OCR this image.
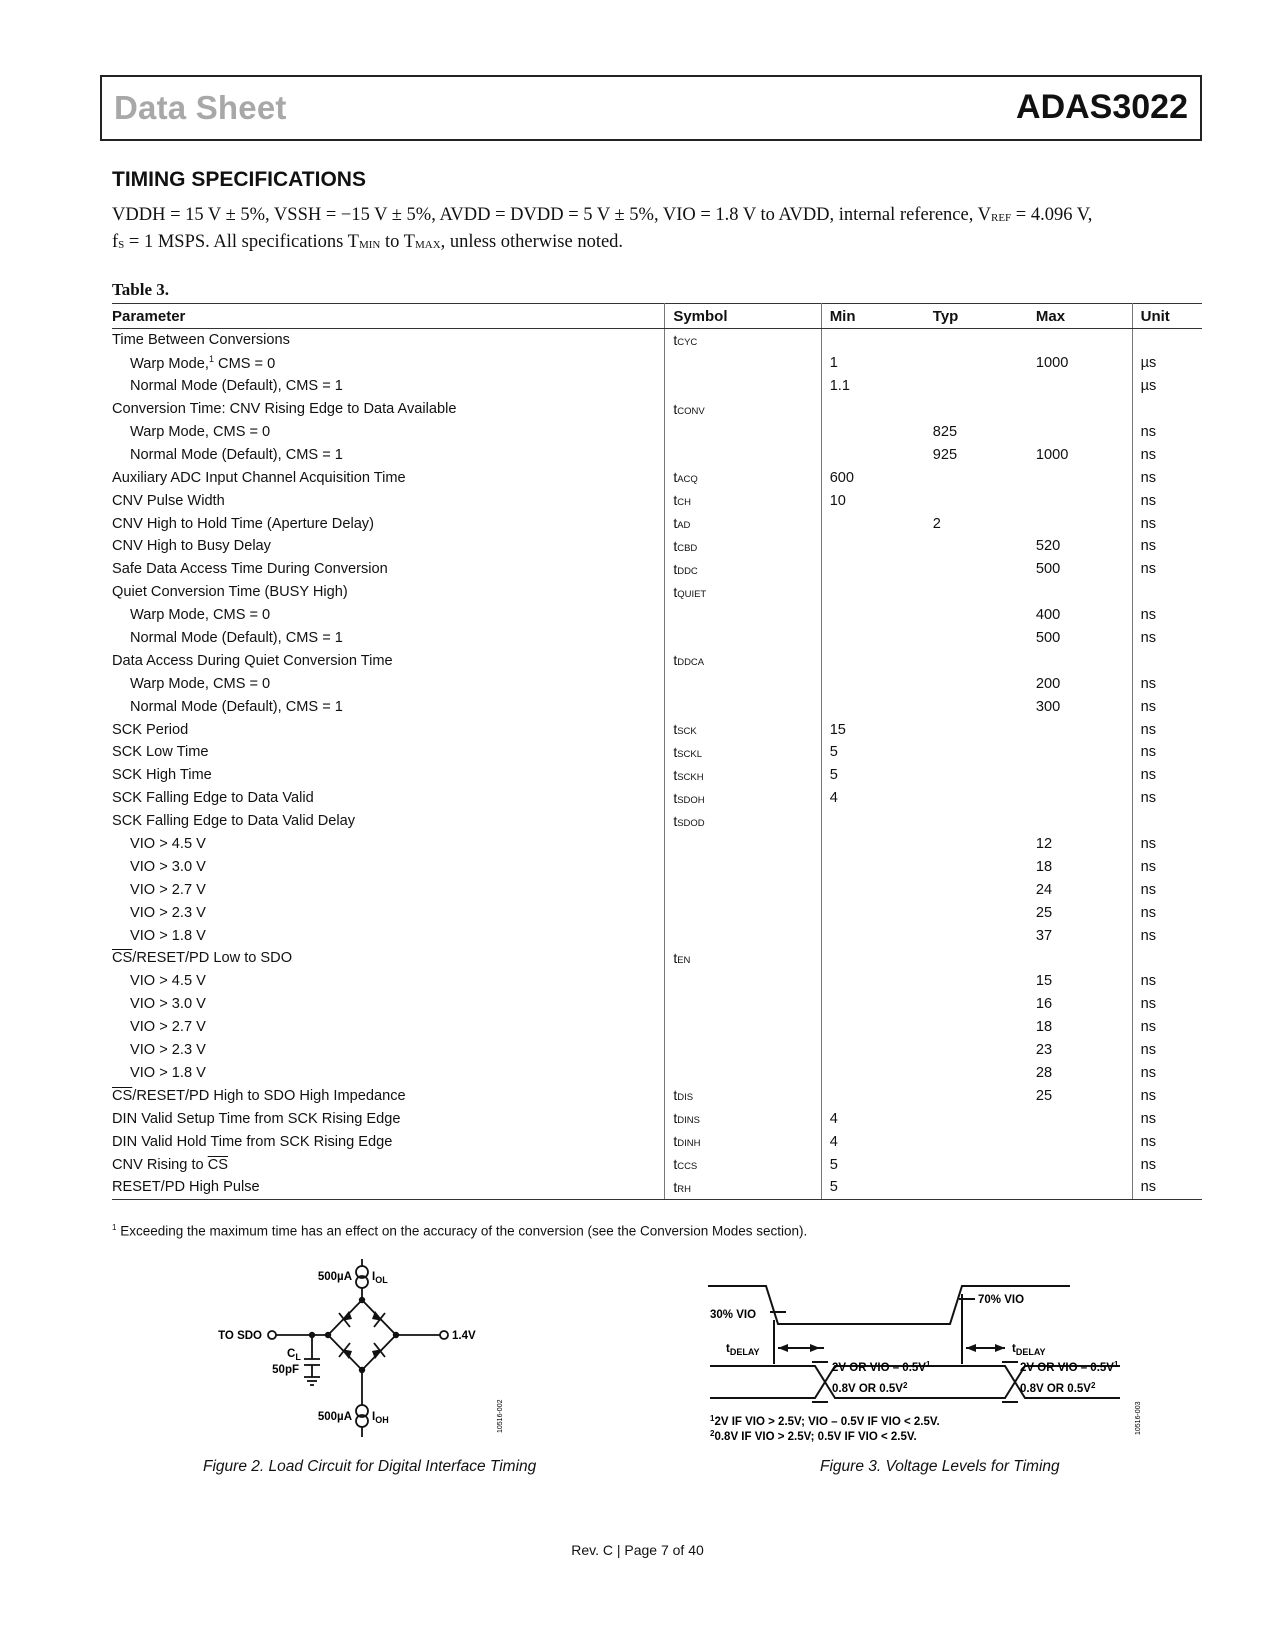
Data Sheet	ADAS3022
TIMING SPECIFICATIONS
VDDH = 15 V ± 5%, VSSH = −15 V ± 5%, AVDD = DVDD = 5 V ± 5%, VIO = 1.8 V to AVDD, internal reference, $V_{REF} = 4.096$ V,
$f_S = 1$ MSPS. All specifications $T_{MIN}$ to $T_{MAX}$, unless otherwise noted.
Table 3.
Parameter	Symbol	Min	Typ	Max	Unit
Time Between Conversions	tCYC				
Warp Mode,$^1$ CMS = 0		1		1000	µs
Normal Mode (Default), CMS = 1		1.1			µs
Conversion Time: CNV Rising Edge to Data Available	tCONV				
Warp Mode, CMS = 0			825		ns
Normal Mode (Default), CMS = 1			925	1000	ns
Auxiliary ADC Input Channel Acquisition Time	tACQ	600			ns
CNV Pulse Width	tCH	10			ns
CNV High to Hold Time (Aperture Delay)	tAD		2		ns
CNV High to Busy Delay	tCBD			520	ns
Safe Data Access Time During Conversion	tDDC			500	ns
Quiet Conversion Time (BUSY High)	tQUIET				
Warp Mode, CMS = 0				400	ns
Normal Mode (Default), CMS = 1				500	ns
Data Access During Quiet Conversion Time	tDDCA				
Warp Mode, CMS = 0				200	ns
Normal Mode (Default), CMS = 1				300	ns
SCK Period	tSCK	15			ns
SCK Low Time	tSCKL	5			ns
SCK High Time	tSCKH	5			ns
SCK Falling Edge to Data Valid	tSDOH	4			ns
SCK Falling Edge to Data Valid Delay	tSDOD				
VIO > 4.5 V				12	ns
VIO > 3.0 V				18	ns
VIO > 2.7 V				24	ns
VIO > 2.3 V				25	ns
VIO > 1.8 V				37	ns
$\overline{CS}/RESET/PD$ Low to SDO	tEN				
VIO > 4.5 V				15	ns
VIO > 3.0 V				16	ns
VIO > 2.7 V				18	ns
VIO > 2.3 V				23	ns
VIO > 1.8 V				28	ns
$\overline{CS}/RESET/PD$ High to SDO High Impedance	tDIS			25	ns
DIN Valid Setup Time from SCK Rising Edge	tDINS	4			ns
DIN Valid Hold Time from SCK Rising Edge	tDINH	4			ns
CNV Rising to $\overline{CS}$	tCCS	5			ns
RESET/PD High Pulse	tRH	5			ns
$^1$ Exceeding the maximum time has an effect on the accuracy of the conversion (see the Conversion Modes section).
500µA $I_{OL}$
500µA $I_{OH}$
TO SDO	1.4V
$C_L$
50pF
10516-002
Figure 2. Load Circuit for Digital Interface Timing
30% VIO
70% VIO
$t_{DELAY}$	$t_{DELAY}$
2V OR VIO – $0.5V^1$
0.8V OR $0.5V^2$
2V OR VIO – $0.5V^1$
0.8V OR $0.5V^2$
$^1$2V IF VIO > 2.5V; VIO – 0.5V IF VIO < 2.5V.
$^2$0.8V IF VIO > 2.5V; 0.5V IF VIO < 2.5V.
10516-003
Figure 3. Voltage Levels for Timing
Rev. C | Page 7 of 40
